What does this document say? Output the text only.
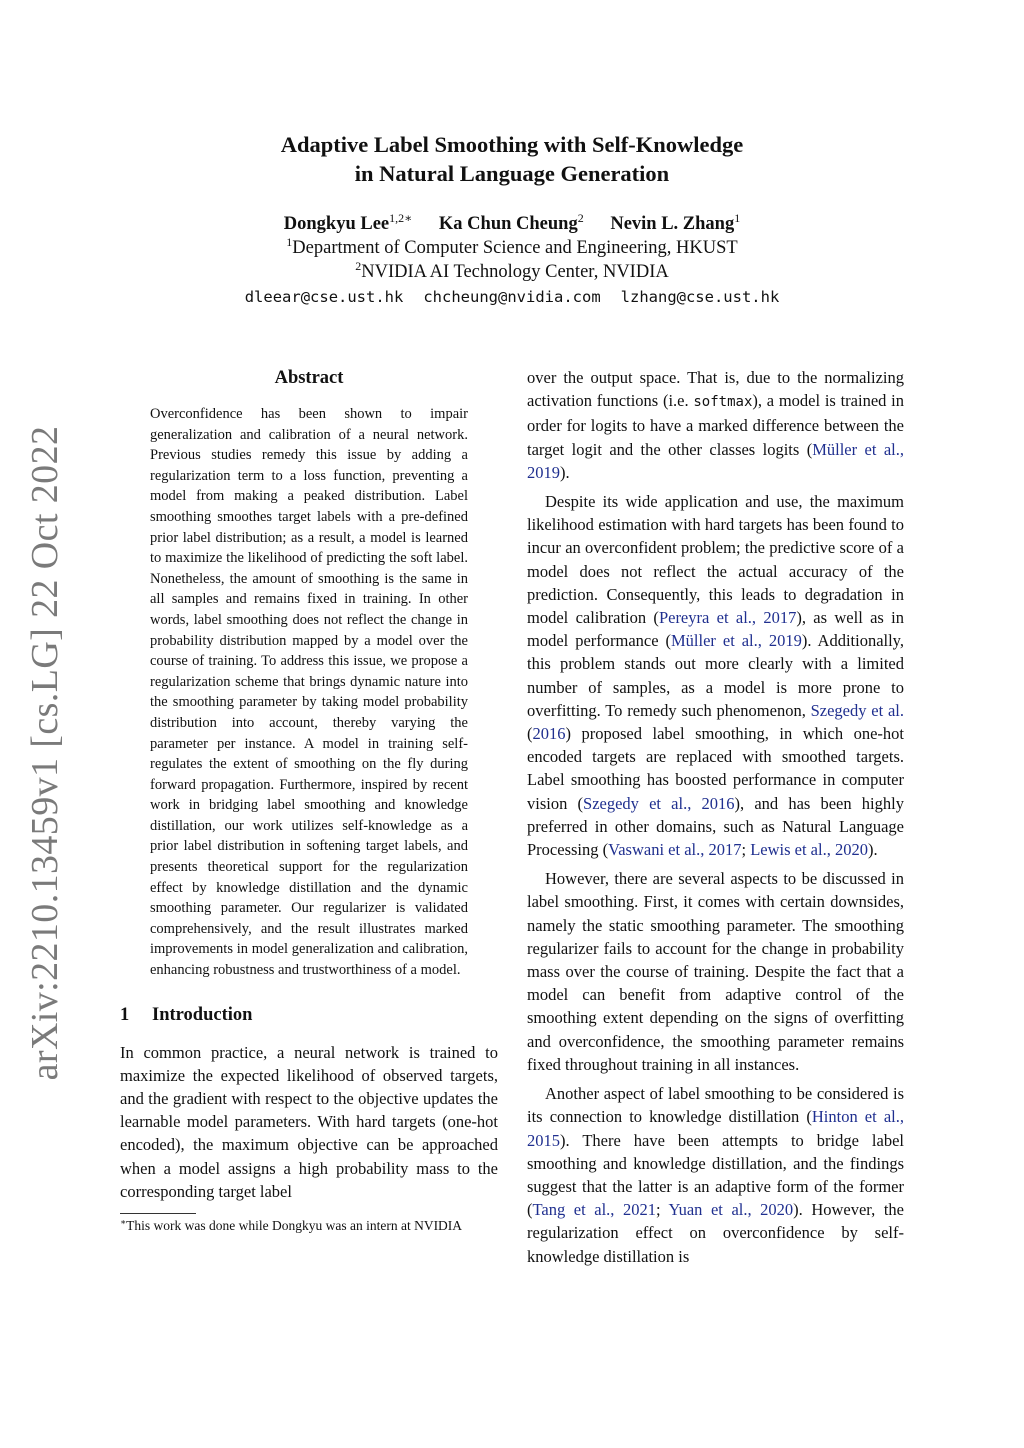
arXiv:2210.13459v1 [cs.LG] 22 Oct 2022
Adaptive Label Smoothing with Self-Knowledge
in Natural Language Generation
Dongkyu Lee$^{1,2∗}$ Ka Chun Cheung$^2$ Nevin L. Zhang$^1$
$^1$Department of Computer Science and Engineering, HKUST
$^2$NVIDIA AI Technology Center, NVIDIA
dleear@cse.ust.hk chcheung@nvidia.com lzhang@cse.ust.hk
Abstract

Overconfidence has been shown to impair generalization and calibration of a neural network. Previous studies remedy this issue by adding a regularization term to a loss function, preventing a model from making a peaked distribution. Label smoothing smoothes target labels with a pre-defined prior label distribution; as a result, a model is learned to maximize the likelihood of predicting the soft label. Nonetheless, the amount of smoothing is the same in all samples and remains fixed in training. In other words, label smoothing does not reflect the change in probability distribution mapped by a model over the course of training. To address this issue, we propose a regularization scheme that brings dynamic nature into the smoothing parameter by taking model probability distribution into account, thereby varying the parameter per instance. A model in training self-regulates the extent of smoothing on the fly during forward propagation. Furthermore, inspired by recent work in bridging label smoothing and knowledge distillation, our work utilizes self-knowledge as a prior label distribution in softening target labels, and presents theoretical support for the regularization effect by knowledge distillation and the dynamic smoothing parameter. Our regularizer is validated comprehensively, and the result illustrates marked improvements in model generalization and calibration, enhancing robustness and trustworthiness of a model.

1 Introduction

In common practice, a neural network is trained to maximize the expected likelihood of observed targets, and the gradient with respect to the objective updates the learnable model parameters. With hard targets (one-hot encoded), the maximum objective can be approached when a model assigns a high probability mass to the corresponding target label

∗This work was done while Dongkyu was an intern at NVIDIA

over the output space. That is, due to the normalizing activation functions (i.e. softmax), a model is trained in order for logits to have a marked difference between the target logit and the other classes logits (Müller et al., 2019).

Despite its wide application and use, the maximum likelihood estimation with hard targets has been found to incur an overconfident problem; the predictive score of a model does not reflect the actual accuracy of the prediction. Consequently, this leads to degradation in model calibration (Pereyra et al., 2017), as well as in model performance (Müller et al., 2019). Additionally, this problem stands out more clearly with a limited number of samples, as a model is more prone to overfitting. To remedy such phenomenon, Szegedy et al. (2016) proposed label smoothing, in which one-hot encoded targets are replaced with smoothed targets. Label smoothing has boosted performance in computer vision (Szegedy et al., 2016), and has been highly preferred in other domains, such as Natural Language Processing (Vaswani et al., 2017; Lewis et al., 2020).

However, there are several aspects to be discussed in label smoothing. First, it comes with certain downsides, namely the static smoothing parameter. The smoothing regularizer fails to account for the change in probability mass over the course of training. Despite the fact that a model can benefit from adaptive control of the smoothing extent depending on the signs of overfitting and overconfidence, the smoothing parameter remains fixed throughout training in all instances.

Another aspect of label smoothing to be considered is its connection to knowledge distillation (Hinton et al., 2015). There have been attempts to bridge label smoothing and knowledge distillation, and the findings suggest that the latter is an adaptive form of the former (Tang et al., 2021; Yuan et al., 2020). However, the regularization effect on overconfidence by self-knowledge distillation is
